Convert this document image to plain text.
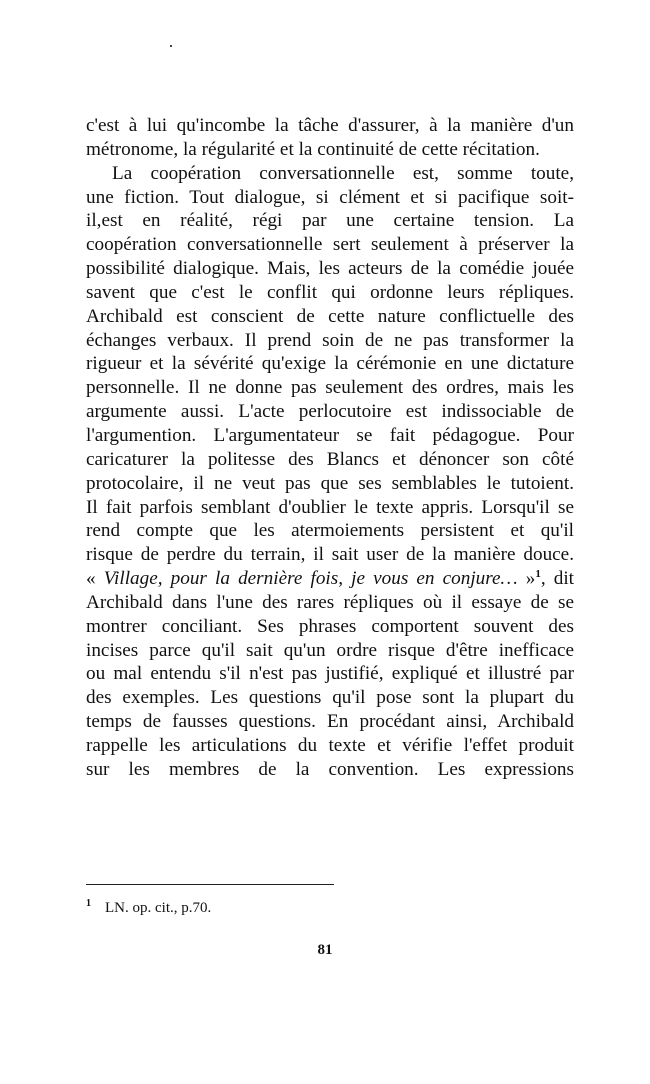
c'est à lui qu'incombe la tâche d'assurer, à la manière d'un
métronome, la régularité et la continuité de cette récitation.
La coopération conversationnelle est, somme toute,
une fiction. Tout dialogue, si clément et si pacifique soit-
il,est en réalité, régi par une certaine tension. La
coopération conversationnelle sert seulement à préserver la
possibilité dialogique. Mais, les acteurs de la comédie jouée
savent que c'est le conflit qui ordonne leurs répliques.
Archibald est conscient de cette nature conflictuelle des
échanges verbaux. Il prend soin de ne pas transformer la
rigueur et la sévérité qu'exige la cérémonie en une dictature
personnelle. Il ne donne pas seulement des ordres, mais les
argumente aussi. L'acte perlocutoire est indissociable de
l'argumention. L'argumentateur se fait pédagogue. Pour
caricaturer la politesse des Blancs et dénoncer son côté
protocolaire, il ne veut pas que ses semblables le tutoient.
Il fait parfois semblant d'oublier le texte appris. Lorsqu'il se
rend compte que les atermoiements persistent et qu'il
risque de perdre du terrain, il sait user de la manière douce.
« Village, pour la dernière fois, je vous en conjure… »$^1$, dit
Archibald dans l'une des rares répliques où il essaye de se
montrer conciliant. Ses phrases comportent souvent des
incises parce qu'il sait qu'un ordre risque d'être inefficace
ou mal entendu s'il n'est pas justifié, expliqué et illustré par
des exemples. Les questions qu'il pose sont la plupart du
temps de fausses questions. En procédant ainsi, Archibald
rappelle les articulations du texte et vérifie l'effet produit
sur les membres de la convention. Les expressions
$^1$ LN. op. cit., p.70.
81
